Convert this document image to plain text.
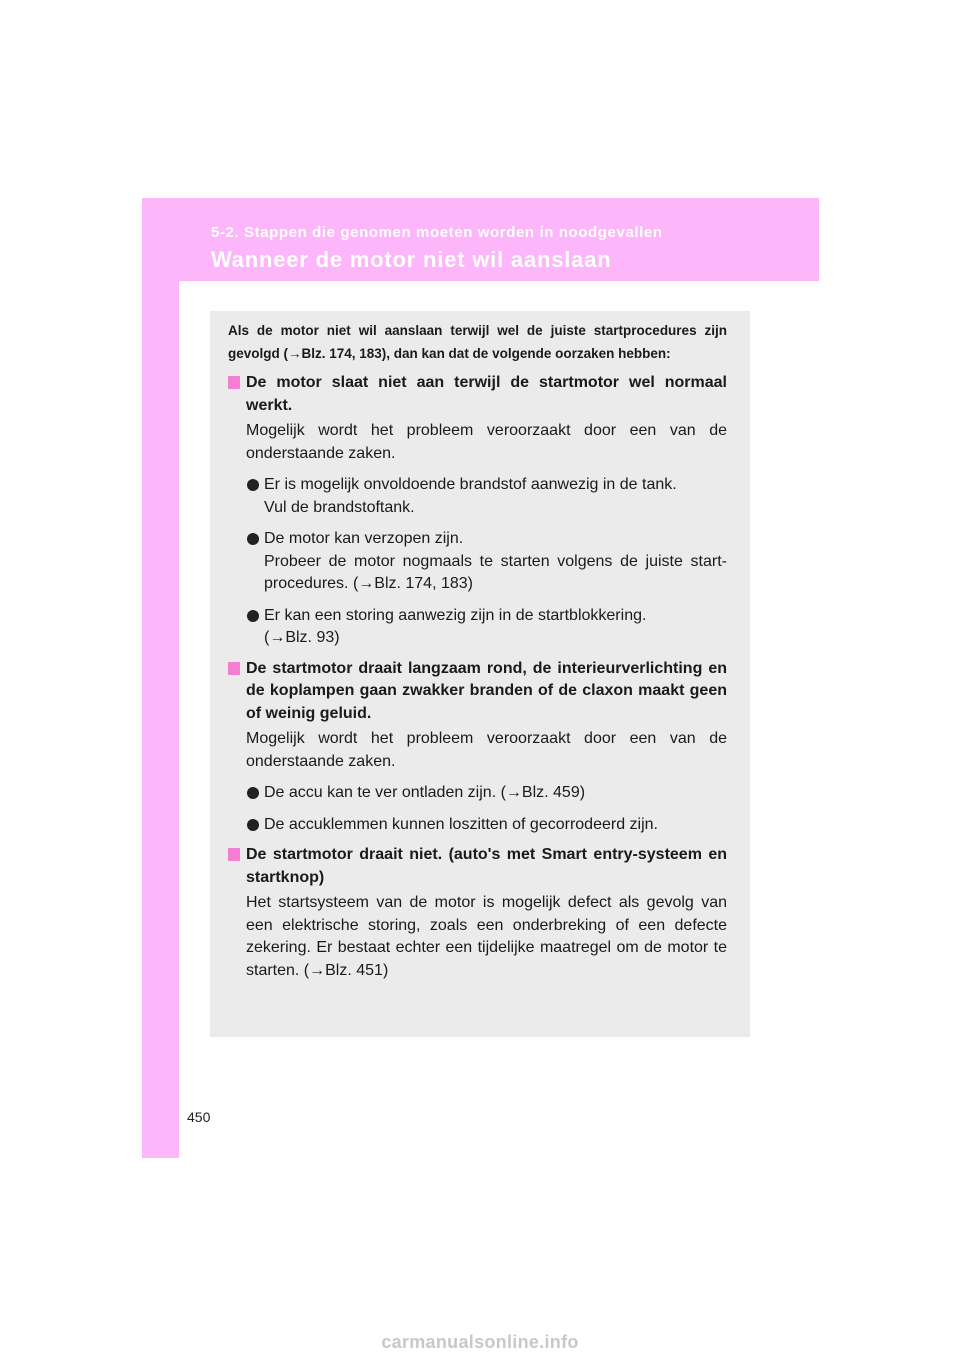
5-2. Stappen die genomen moeten worden in noodgevallen
Wanneer de motor niet wil aanslaan

Als de motor niet wil aanslaan terwijl wel de juiste startprocedures zijn gevolgd (→Blz. 174, 183), dan kan dat de volgende oorzaken hebben:

De motor slaat niet aan terwijl de startmotor wel normaal werkt.

Mogelijk wordt het probleem veroorzaakt door een van de onderstaande zaken.

Er is mogelijk onvoldoende brandstof aanwezig in de tank.

Vul de brandstoftank.

De motor kan verzopen zijn.

Probeer de motor nogmaals te starten volgens de juiste start-procedures. (→Blz. 174, 183)

Er kan een storing aanwezig zijn in de startblokkering.

(→Blz. 93)

De startmotor draait langzaam rond, de interieurverlichting en de koplampen gaan zwakker branden of de claxon maakt geen of weinig geluid.

Mogelijk wordt het probleem veroorzaakt door een van de onderstaande zaken.

De accu kan te ver ontladen zijn. (→Blz. 459)

De accuklemmen kunnen loszitten of gecorrodeerd zijn.

De startmotor draait niet. (auto's met Smart entry-systeem en startknop)

Het startsysteem van de motor is mogelijk defect als gevolg van een elektrische storing, zoals een onderbreking of een defecte zekering. Er bestaat echter een tijdelijke maatregel om de motor te starten. (→Blz. 451)

450
carmanualsonline.info
